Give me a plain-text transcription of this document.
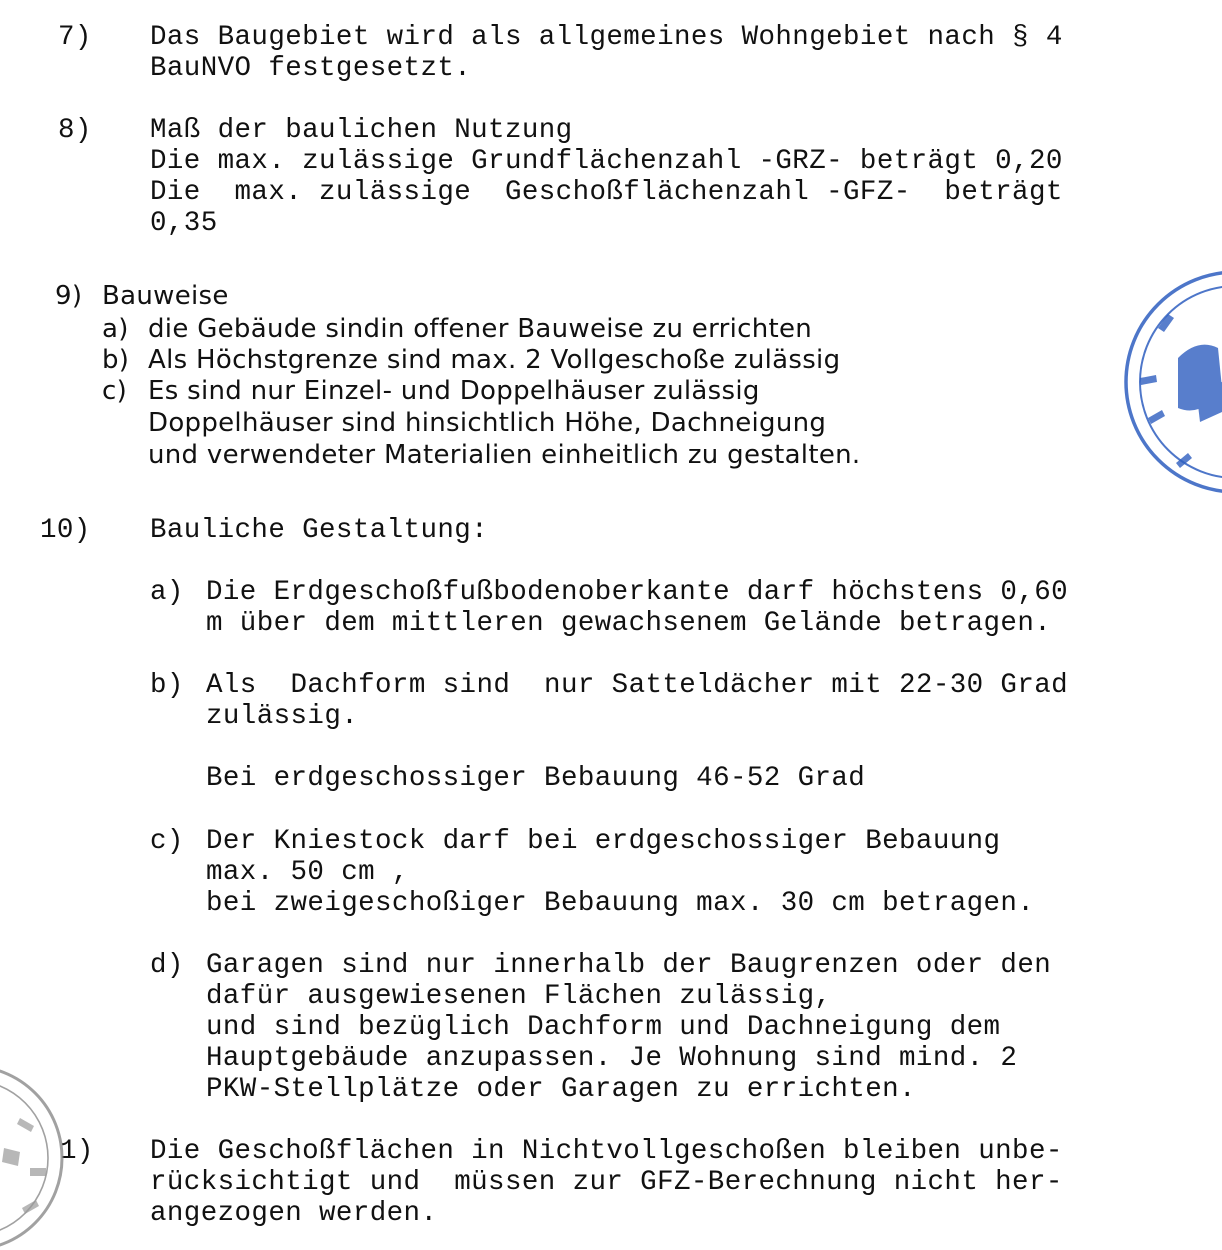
7) Das Baugebiet wird als allgemeines Wohngebiet nach § 4
BauNVO festgesetzt.
8) Maß der baulichen Nutzung
Die max. zulässige Grundflächenzahl -GRZ- beträgt 0,20
Die  max. zulässige  Geschoßflächenzahl -GFZ-  beträgt
0,35
9) Bauweise
a) die Gebäude sindin offener Bauweise zu errichten
b) Als Höchstgrenze sind max. 2 Vollgeschoße zulässig
c) Es sind nur Einzel- und Doppelhäuser zulässig
Doppelhäuser sind hinsichtlich Höhe, Dachneigung
und verwendeter Materialien einheitlich zu gestalten.
10) Bauliche Gestaltung:
a) Die Erdgeschoßfußbodenoberkante darf höchstens 0,60
m über dem mittleren gewachsenem Gelände betragen.
b) Als  Dachform sind  nur Satteldächer mit 22-30 Grad
zulässig.
Bei erdgeschossiger Bebauung 46-52 Grad
c) Der Kniestock darf bei erdgeschossiger Bebauung
max. 50 cm ,
bei zweigeschoßiger Bebauung max. 30 cm betragen.
d) Garagen sind nur innerhalb der Baugrenzen oder den
dafür ausgewiesenen Flächen zulässig,
und sind bezüglich Dachform und Dachneigung dem
Hauptgebäude anzupassen. Je Wohnung sind mind. 2
PKW-Stellplätze oder Garagen zu errichten.
1) Die Geschoßflächen in Nichtvollgeschoßen bleiben unbe-
rücksichtigt und  müssen zur GFZ-Berechnung nicht her-
angezogen werden.
